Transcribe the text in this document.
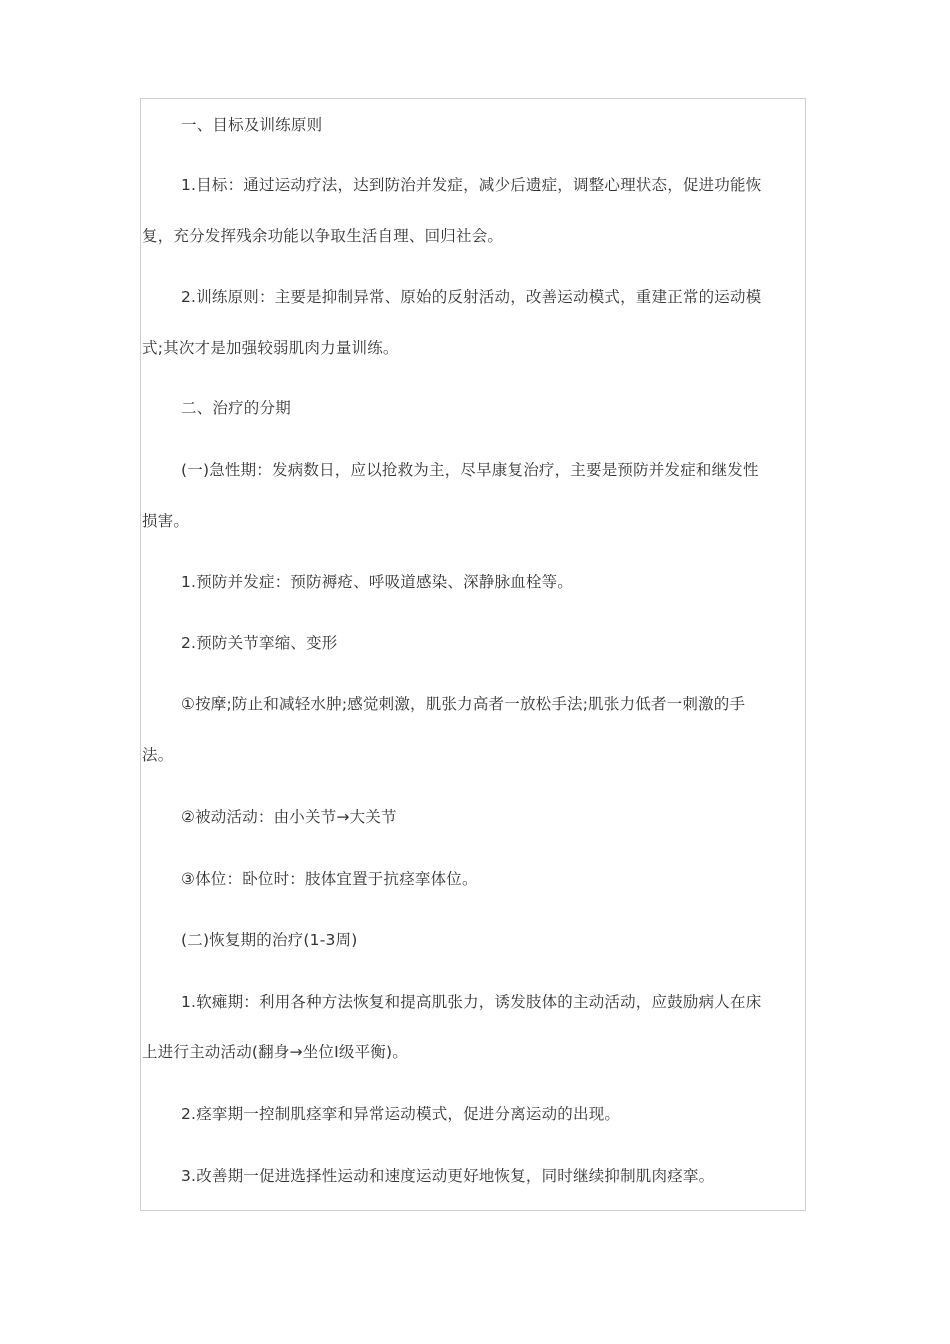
一、目标及训练原则
1.目标：通过运动疗法，达到防治并发症，减少后遗症，调整心理状态，促进功能恢
复，充分发挥残余功能以争取生活自理、回归社会。
2.训练原则：主要是抑制异常、原始的反射活动，改善运动模式，重建正常的运动模
式;其次才是加强较弱肌肉力量训练。
二、治疗的分期
(一)急性期：发病数日，应以抢救为主，尽早康复治疗，主要是预防并发症和继发性
损害。
1.预防并发症：预防褥疮、呼吸道感染、深静脉血栓等。
2.预防关节挛缩、变形
①按摩;防止和减轻水肿;感觉刺激，肌张力高者一放松手法;肌张力低者一刺激的手
法。
②被动活动：由小关节→大关节
③体位：卧位时：肢体宜置于抗痉挛体位。
(二)恢复期的治疗(1-3周)
1.软瘫期：利用各种方法恢复和提高肌张力，诱发肢体的主动活动，应鼓励病人在床
上进行主动活动(翻身→坐位Ⅰ级平衡)。
2.痉挛期一控制肌痉挛和异常运动模式，促进分离运动的出现。
3.改善期一促进选择性运动和速度运动更好地恢复，同时继续抑制肌肉痉挛。
